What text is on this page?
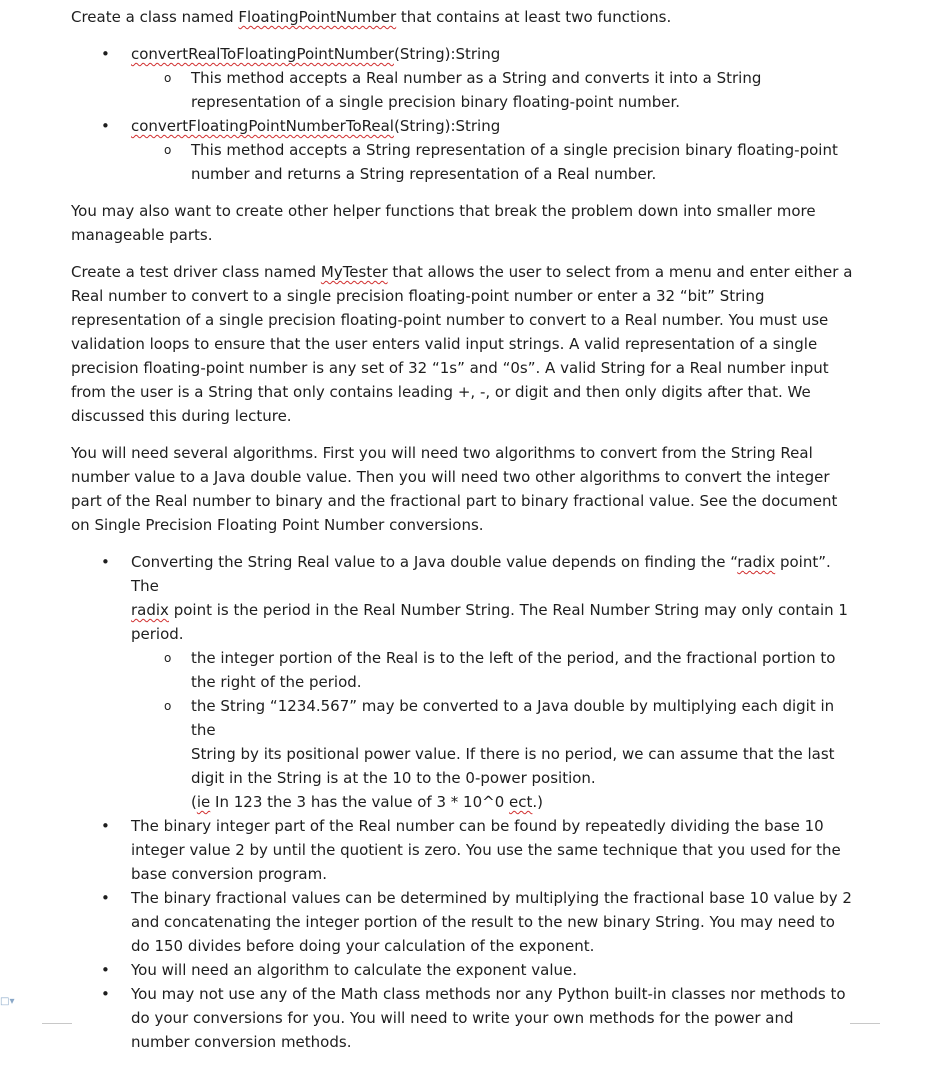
Create a class named FloatingPointNumber that contains at least two functions.

• convertRealToFloatingPointNumber(String):String
o This method accepts a Real number as a String and converts it into a String
representation of a single precision binary floating-point number.
• convertFloatingPointNumberToReal(String):String
o This method accepts a String representation of a single precision binary floating-point
number and returns a String representation of a Real number.

You may also want to create other helper functions that break the problem down into smaller more
manageable parts.

Create a test driver class named MyTester that allows the user to select from a menu and enter either a
Real number to convert to a single precision floating-point number or enter a 32 “bit” String
representation of a single precision floating-point number to convert to a Real number. You must use
validation loops to ensure that the user enters valid input strings. A valid representation of a single
precision floating-point number is any set of 32 “1s” and “0s”. A valid String for a Real number input
from the user is a String that only contains leading +, -, or digit and then only digits after that. We
discussed this during lecture.

You will need several algorithms. First you will need two algorithms to convert from the String Real
number value to a Java double value. Then you will need two other algorithms to convert the integer
part of the Real number to binary and the fractional part to binary fractional value. See the document
on Single Precision Floating Point Number conversions.

• Converting the String Real value to a Java double value depends on finding the “radix point”. The
radix point is the period in the Real Number String. The Real Number String may only contain 1
period.
o the integer portion of the Real is to the left of the period, and the fractional portion to
the right of the period.
o the String “1234.567” may be converted to a Java double by multiplying each digit in the
String by its positional power value. If there is no period, we can assume that the last
digit in the String is at the 10 to the 0-power position.
(ie In 123 the 3 has the value of 3 * 10^0 ect.)
• The binary integer part of the Real number can be found by repeatedly dividing the base 10
integer value 2 by until the quotient is zero. You use the same technique that you used for the
base conversion program.
• The binary fractional values can be determined by multiplying the fractional base 10 value by 2
and concatenating the integer portion of the result to the new binary String. You may need to
do 150 divides before doing your calculation of the exponent.
• You will need an algorithm to calculate the exponent value.
• You may not use any of the Math class methods nor any Python built-in classes nor methods to
do your conversions for you. You will need to write your own methods for the power and
number conversion methods.
□▾
